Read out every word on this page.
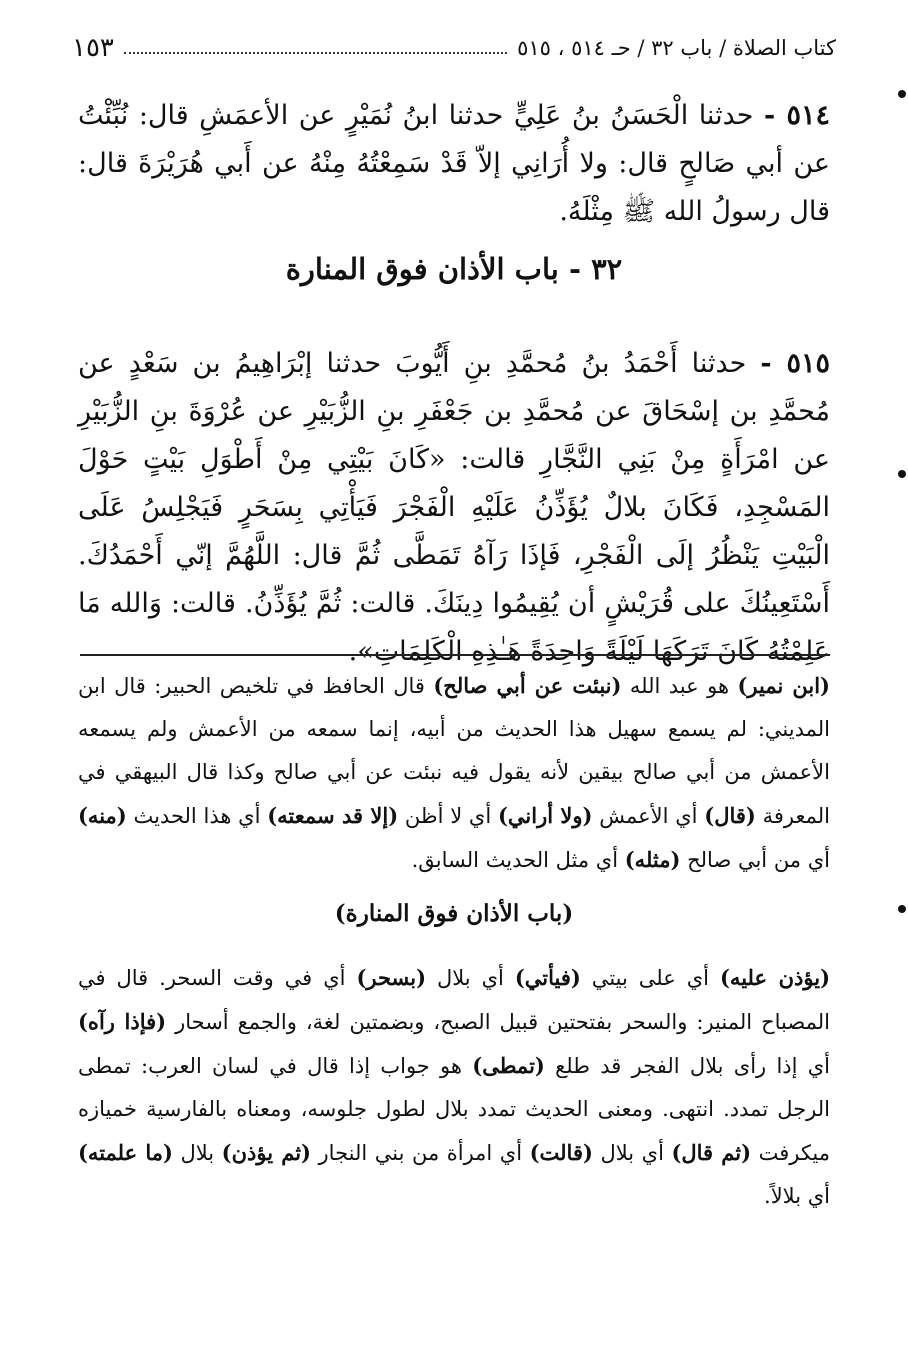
كتاب الصلاة / باب ٣٢ / حـ ٥١٤ ، ٥١٥
١٥٣
٥١٤ - حدثنا الْحَسَنُ بنُ عَلِيٍّ حدثنا ابنُ نُمَيْرٍ عن الأعمَشِ قال: نُبِّئْتُ عن أبي صَالحٍ قال: ولا أُرَانِي إلاّ قَدْ سَمِعْتُهُ مِنْهُ عن أَبي هُرَيْرَةَ قال: قال رسولُ الله ﷺ مِثْلَهُ.
٣٢ - باب الأذان فوق المنارة
٥١٥ - حدثنا أَحْمَدُ بنُ مُحمَّدِ بنِ أَيُّوبَ حدثنا إبْرَاهِيمُ بن سَعْدٍ عن مُحمَّدِ بن إسْحَاقَ عن مُحمَّدِ بن جَعْفَرِ بنِ الزُّبَيْرِ عن عُرْوَةَ بنِ الزُّبَيْرِ عن امْرَأَةٍ مِنْ بَنِي النَّجَّارِ قالت: «كَانَ بَيْتِي مِنْ أَطْوَلِ بَيْتٍ حَوْلَ المَسْجِدِ، فَكَانَ بلالٌ يُؤَذِّنُ عَلَيْهِ الْفَجْرَ فَيَأْتِي بِسَحَرٍ فَيَجْلِسُ عَلَى الْبَيْتِ يَنْظُرُ إلَى الْفَجْرِ، فَإذَا رَآهُ تَمَطَّى ثُمَّ قال: اللَّهُمَّ إنّي أَحْمَدُكَ. أَسْتَعِينُكَ على قُرَيْشٍ أن يُقِيمُوا دِينَكَ. قالت: ثُمَّ يُؤَذِّنُ. قالت: وَالله مَا عَلِمْتُهُ كَانَ تَرَكَهَا لَيْلَةً وَاحِدَةً هَـٰذِهِ الْكَلِمَاتِ».
(ابن نمير) هو عبد الله (نبئت عن أبي صالح) قال الحافظ في تلخيص الحبير: قال ابن المديني: لم يسمع سهيل هذا الحديث من أبيه، إنما سمعه من الأعمش ولم يسمعه الأعمش من أبي صالح بيقين لأنه يقول فيه نبئت عن أبي صالح وكذا قال البيهقي في المعرفة (قال) أي الأعمش (ولا أراني) أي لا أظن (إلا قد سمعته) أي هذا الحديث (منه) أي من أبي صالح (مثله) أي مثل الحديث السابق.
(باب الأذان فوق المنارة)
(يؤذن عليه) أي على بيتي (فيأتي) أي بلال (بسحر) أي في وقت السحر. قال في المصباح المنير: والسحر بفتحتين قبيل الصبح، وبضمتين لغة، والجمع أسحار (فإذا رآه) أي إذا رأى بلال الفجر قد طلع (تمطى) هو جواب إذا قال في لسان العرب: تمطى الرجل تمدد. انتهى. ومعنى الحديث تمدد بلال لطول جلوسه، ومعناه بالفارسية خميازه ميكرفت (ثم قال) أي بلال (قالت) أي امرأة من بني النجار (ثم يؤذن) بلال (ما علمته) أي بلالاً.
